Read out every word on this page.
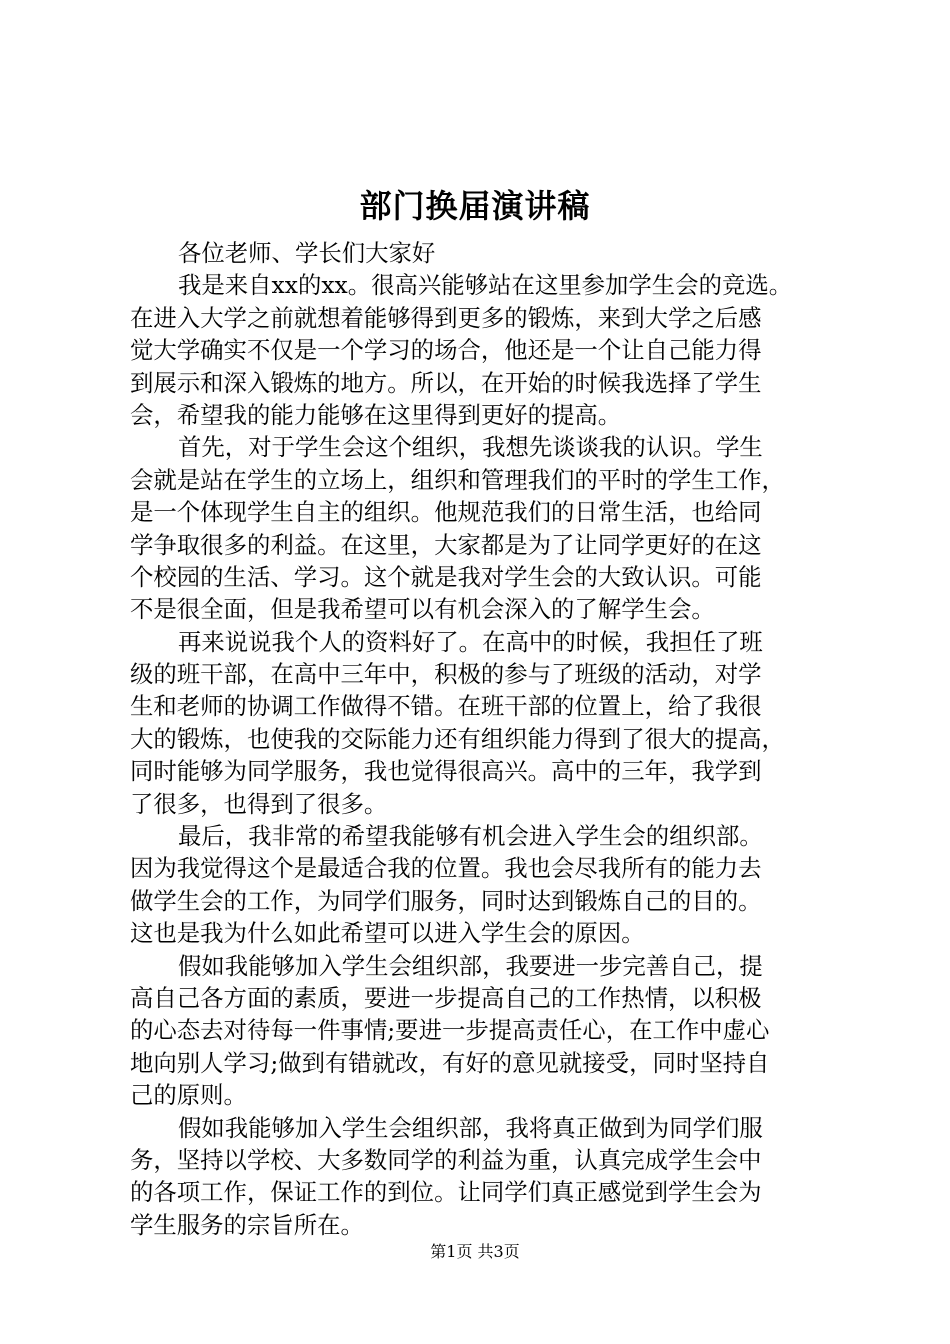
部门换届演讲稿
各位老师、学长们大家好
我是来自xx的xx。很高兴能够站在这里参加学生会的竞选。
在进入大学之前就想着能够得到更多的锻炼，来到大学之后感
觉大学确实不仅是一个学习的场合，他还是一个让自己能力得
到展示和深入锻炼的地方。所以，在开始的时候我选择了学生
会，希望我的能力能够在这里得到更好的提高。
首先，对于学生会这个组织，我想先谈谈我的认识。学生
会就是站在学生的立场上，组织和管理我们的平时的学生工作，
是一个体现学生自主的组织。他规范我们的日常生活，也给同
学争取很多的利益。在这里，大家都是为了让同学更好的在这
个校园的生活、学习。这个就是我对学生会的大致认识。可能
不是很全面，但是我希望可以有机会深入的了解学生会。
再来说说我个人的资料好了。在高中的时候，我担任了班
级的班干部，在高中三年中，积极的参与了班级的活动，对学
生和老师的协调工作做得不错。在班干部的位置上，给了我很
大的锻炼，也使我的交际能力还有组织能力得到了很大的提高，
同时能够为同学服务，我也觉得很高兴。高中的三年，我学到
了很多，也得到了很多。
最后，我非常的希望我能够有机会进入学生会的组织部。
因为我觉得这个是最适合我的位置。我也会尽我所有的能力去
做学生会的工作，为同学们服务，同时达到锻炼自己的目的。
这也是我为什么如此希望可以进入学生会的原因。
假如我能够加入学生会组织部，我要进一步完善自己，提
高自己各方面的素质，要进一步提高自己的工作热情，以积极
的心态去对待每一件事情;要进一步提高责任心，在工作中虚心
地向别人学习;做到有错就改，有好的意见就接受，同时坚持自
己的原则。
假如我能够加入学生会组织部，我将真正做到为同学们服
务，坚持以学校、大多数同学的利益为重，认真完成学生会中
的各项工作，保证工作的到位。让同学们真正感觉到学生会为
学生服务的宗旨所在。
第1页 共3页
